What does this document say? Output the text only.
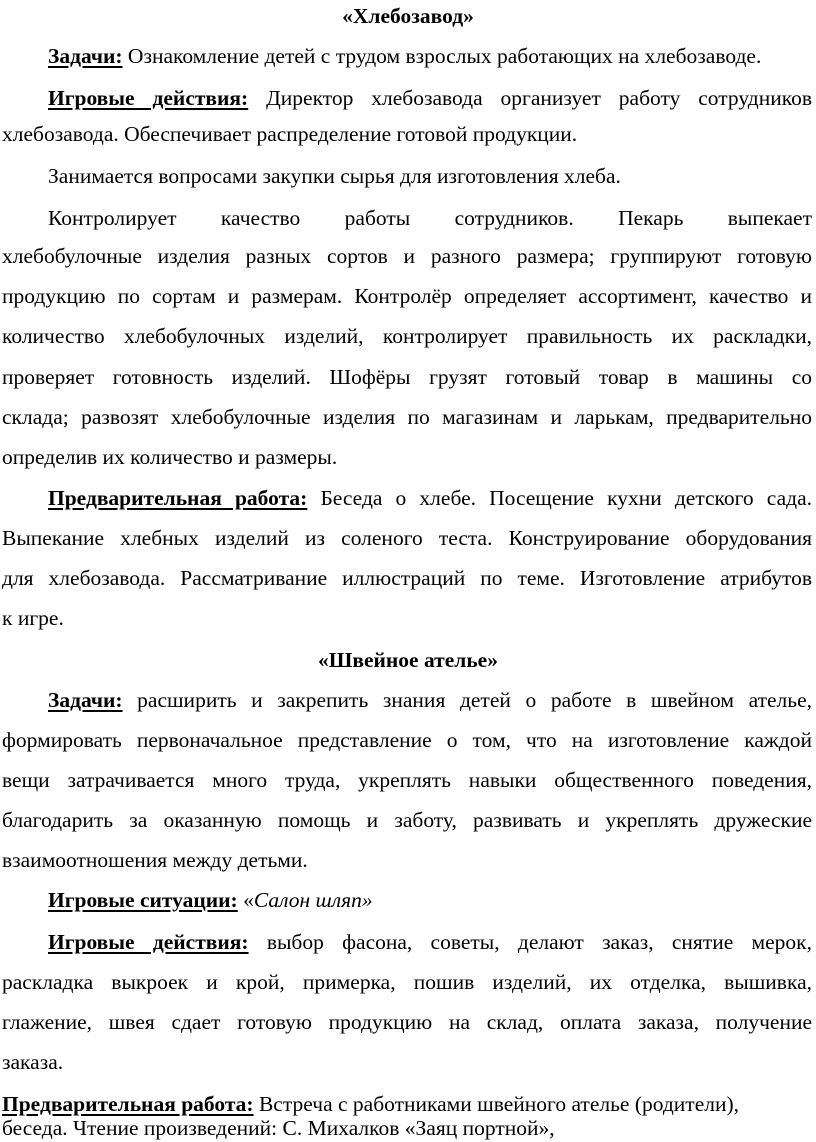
«Хлебозавод»

Задачи: Ознакомление детей с трудом взрослых работающих на хлебозаводе.

Игровые действия: Директор хлебозавода организует работу сотрудников

хлебозавода. Обеспечивает распределение готовой продукции.

Занимается вопросами закупки сырья для изготовления хлеба.

Контролирует качество работы сотрудников. Пекарь выпекает

хлебобулочные изделия разных сортов и разного размера; группируют готовую

продукцию по сортам и размерам. Контролёр определяет ассортимент, качество и

количество хлебобулочных изделий, контролирует правильность их раскладки,

проверяет готовность изделий. Шофёры грузят готовый товар в машины со

склада; развозят хлебобулочные изделия по магазинам и ларькам, предварительно

определив их количество и размеры.

Предварительная работа: Беседа о хлебе. Посещение кухни детского сада.

Выпекание хлебных изделий из соленого теста. Конструирование оборудования

для хлебозавода. Рассматривание иллюстраций по теме. Изготовление атрибутов

к игре.

«Швейное ателье»

Задачи: расширить и закрепить знания детей о работе в швейном ателье,

формировать первоначальное представление о том, что на изготовление каждой

вещи затрачивается много труда, укреплять навыки общественного поведения,

благодарить за оказанную помощь и заботу, развивать и укреплять дружеские

взаимоотношения между детьми.

Игровые ситуации: «Салон шляп»

Игровые действия: выбор фасона, советы, делают заказ, снятие мерок,

раскладка выкроек и крой, примерка, пошив изделий, их отделка, вышивка,

глажение, швея сдает готовую продукцию на склад, оплата заказа, получение

заказа.

Предварительная работа: Встреча с работниками швейного ателье (родители),

беседа. Чтение произведений: С. Михалков «Заяц портной»,
